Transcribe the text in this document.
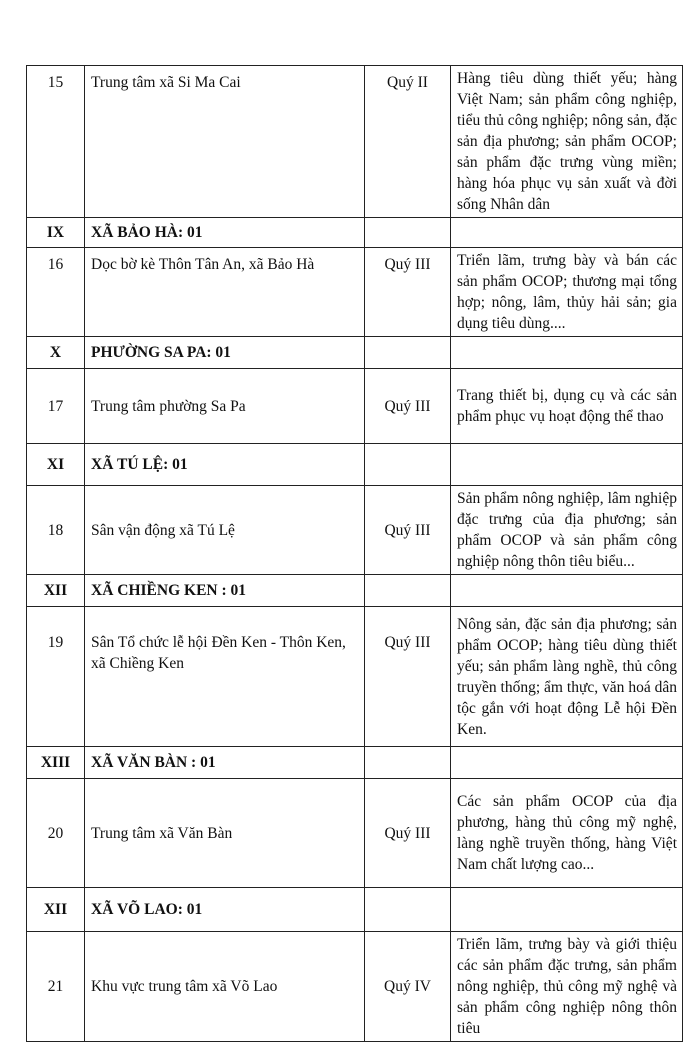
15	Trung tâm xã Si Ma Cai	Quý II	Hàng tiêu dùng thiết yếu; hàng Việt Nam; sản phẩm công nghiệp, tiểu thủ công nghiệp; nông sản, đặc sản địa phương; sản phẩm OCOP; sản phẩm đặc trưng vùng miền; hàng hóa phục vụ sản xuất và đời sống Nhân dân
IX	XÃ BẢO HÀ: 01		
16	Dọc bờ kè Thôn Tân An, xã Bảo Hà	Quý III	Triển lãm, trưng bày và bán các sản phẩm OCOP; thương mại tổng hợp; nông, lâm, thủy hải sản; gia dụng tiêu dùng....
X	PHƯỜNG SA PA: 01		
17	Trung tâm phường Sa Pa	Quý III	Trang thiết bị, dụng cụ và các sản phẩm phục vụ hoạt động thể thao
XI	XÃ TÚ LỆ: 01		
18	Sân vận động xã Tú Lệ	Quý III	Sản phẩm nông nghiệp, lâm nghiệp đặc trưng của địa phương; sản phẩm OCOP và sản phẩm công nghiệp nông thôn tiêu biểu...
XII	XÃ CHIỀNG KEN : 01		
19	Sân Tổ chức lễ hội Đền Ken - Thôn Ken, xã Chiềng Ken	Quý III	Nông sản, đặc sản địa phương; sản phẩm OCOP; hàng tiêu dùng thiết yếu; sản phẩm làng nghề, thủ công truyền thống; ẩm thực, văn hoá dân tộc gắn với hoạt động Lễ hội Đền Ken.
XIII	XÃ VĂN BÀN : 01		
20	Trung tâm xã Văn Bàn	Quý III	Các sản phẩm OCOP của địa phương, hàng thủ công mỹ nghệ, làng nghề truyền thống, hàng Việt Nam chất lượng cao...
XII	XÃ VÕ LAO: 01		
21	Khu vực trung tâm xã Võ Lao	Quý IV	Triển lãm, trưng bày và giới thiệu các sản phẩm đặc trưng, sản phẩm nông nghiệp, thủ công mỹ nghệ và sản phẩm công nghiệp nông thôn tiêu
